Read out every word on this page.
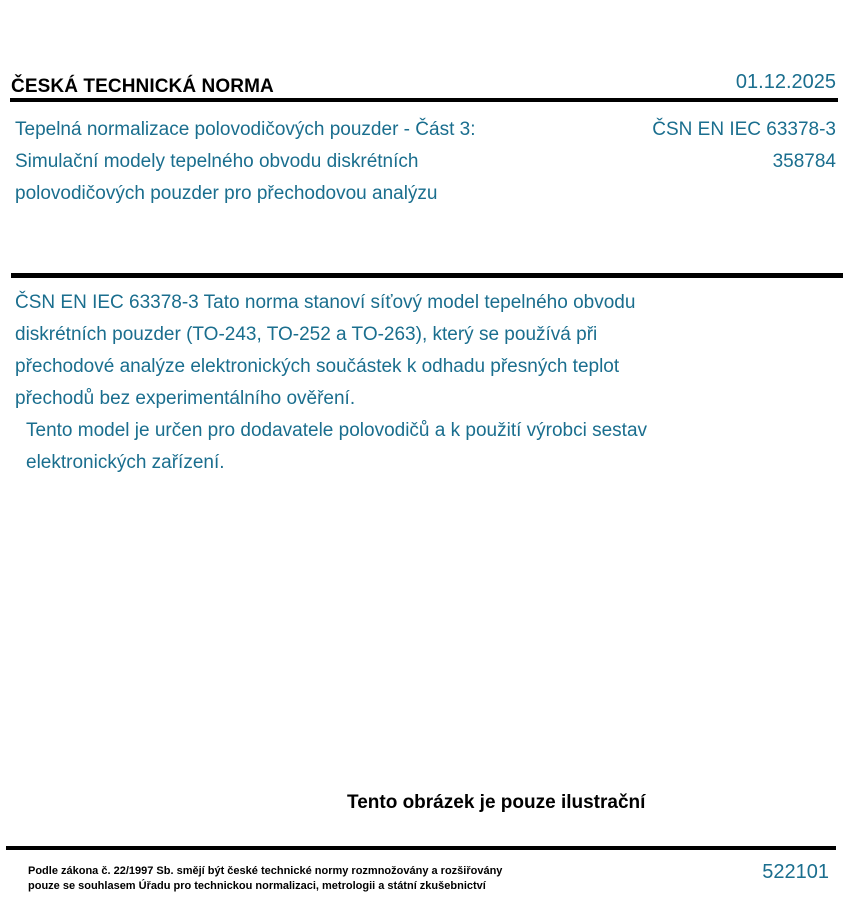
ČESKÁ TECHNICKÁ NORMA	01.12.2025
Tepelná normalizace polovodičových pouzder - Část 3: Simulační modely tepelného obvodu diskrétních polovodičových pouzder pro přechodovou analýzu
ČSN EN IEC 63378-3
358784

ČSN EN IEC 63378-3 Tato norma stanoví síťový model tepelného obvodu diskrétních pouzder (TO-243, TO-252 a TO-263), který se používá při přechodové analýze elektronických součástek k odhadu přesných teplot přechodů bez experimentálního ověření.

Tento model je určen pro dodavatele polovodičů a k použití výrobci sestav elektronických zařízení.

Tento obrázek je pouze ilustrační
Podle zákona č. 22/1997 Sb. smějí být české technické normy rozmnožovány a rozšiřovány
pouze se souhlasem Úřadu pro technickou normalizaci, metrologii a státní zkušebnictví
522101
